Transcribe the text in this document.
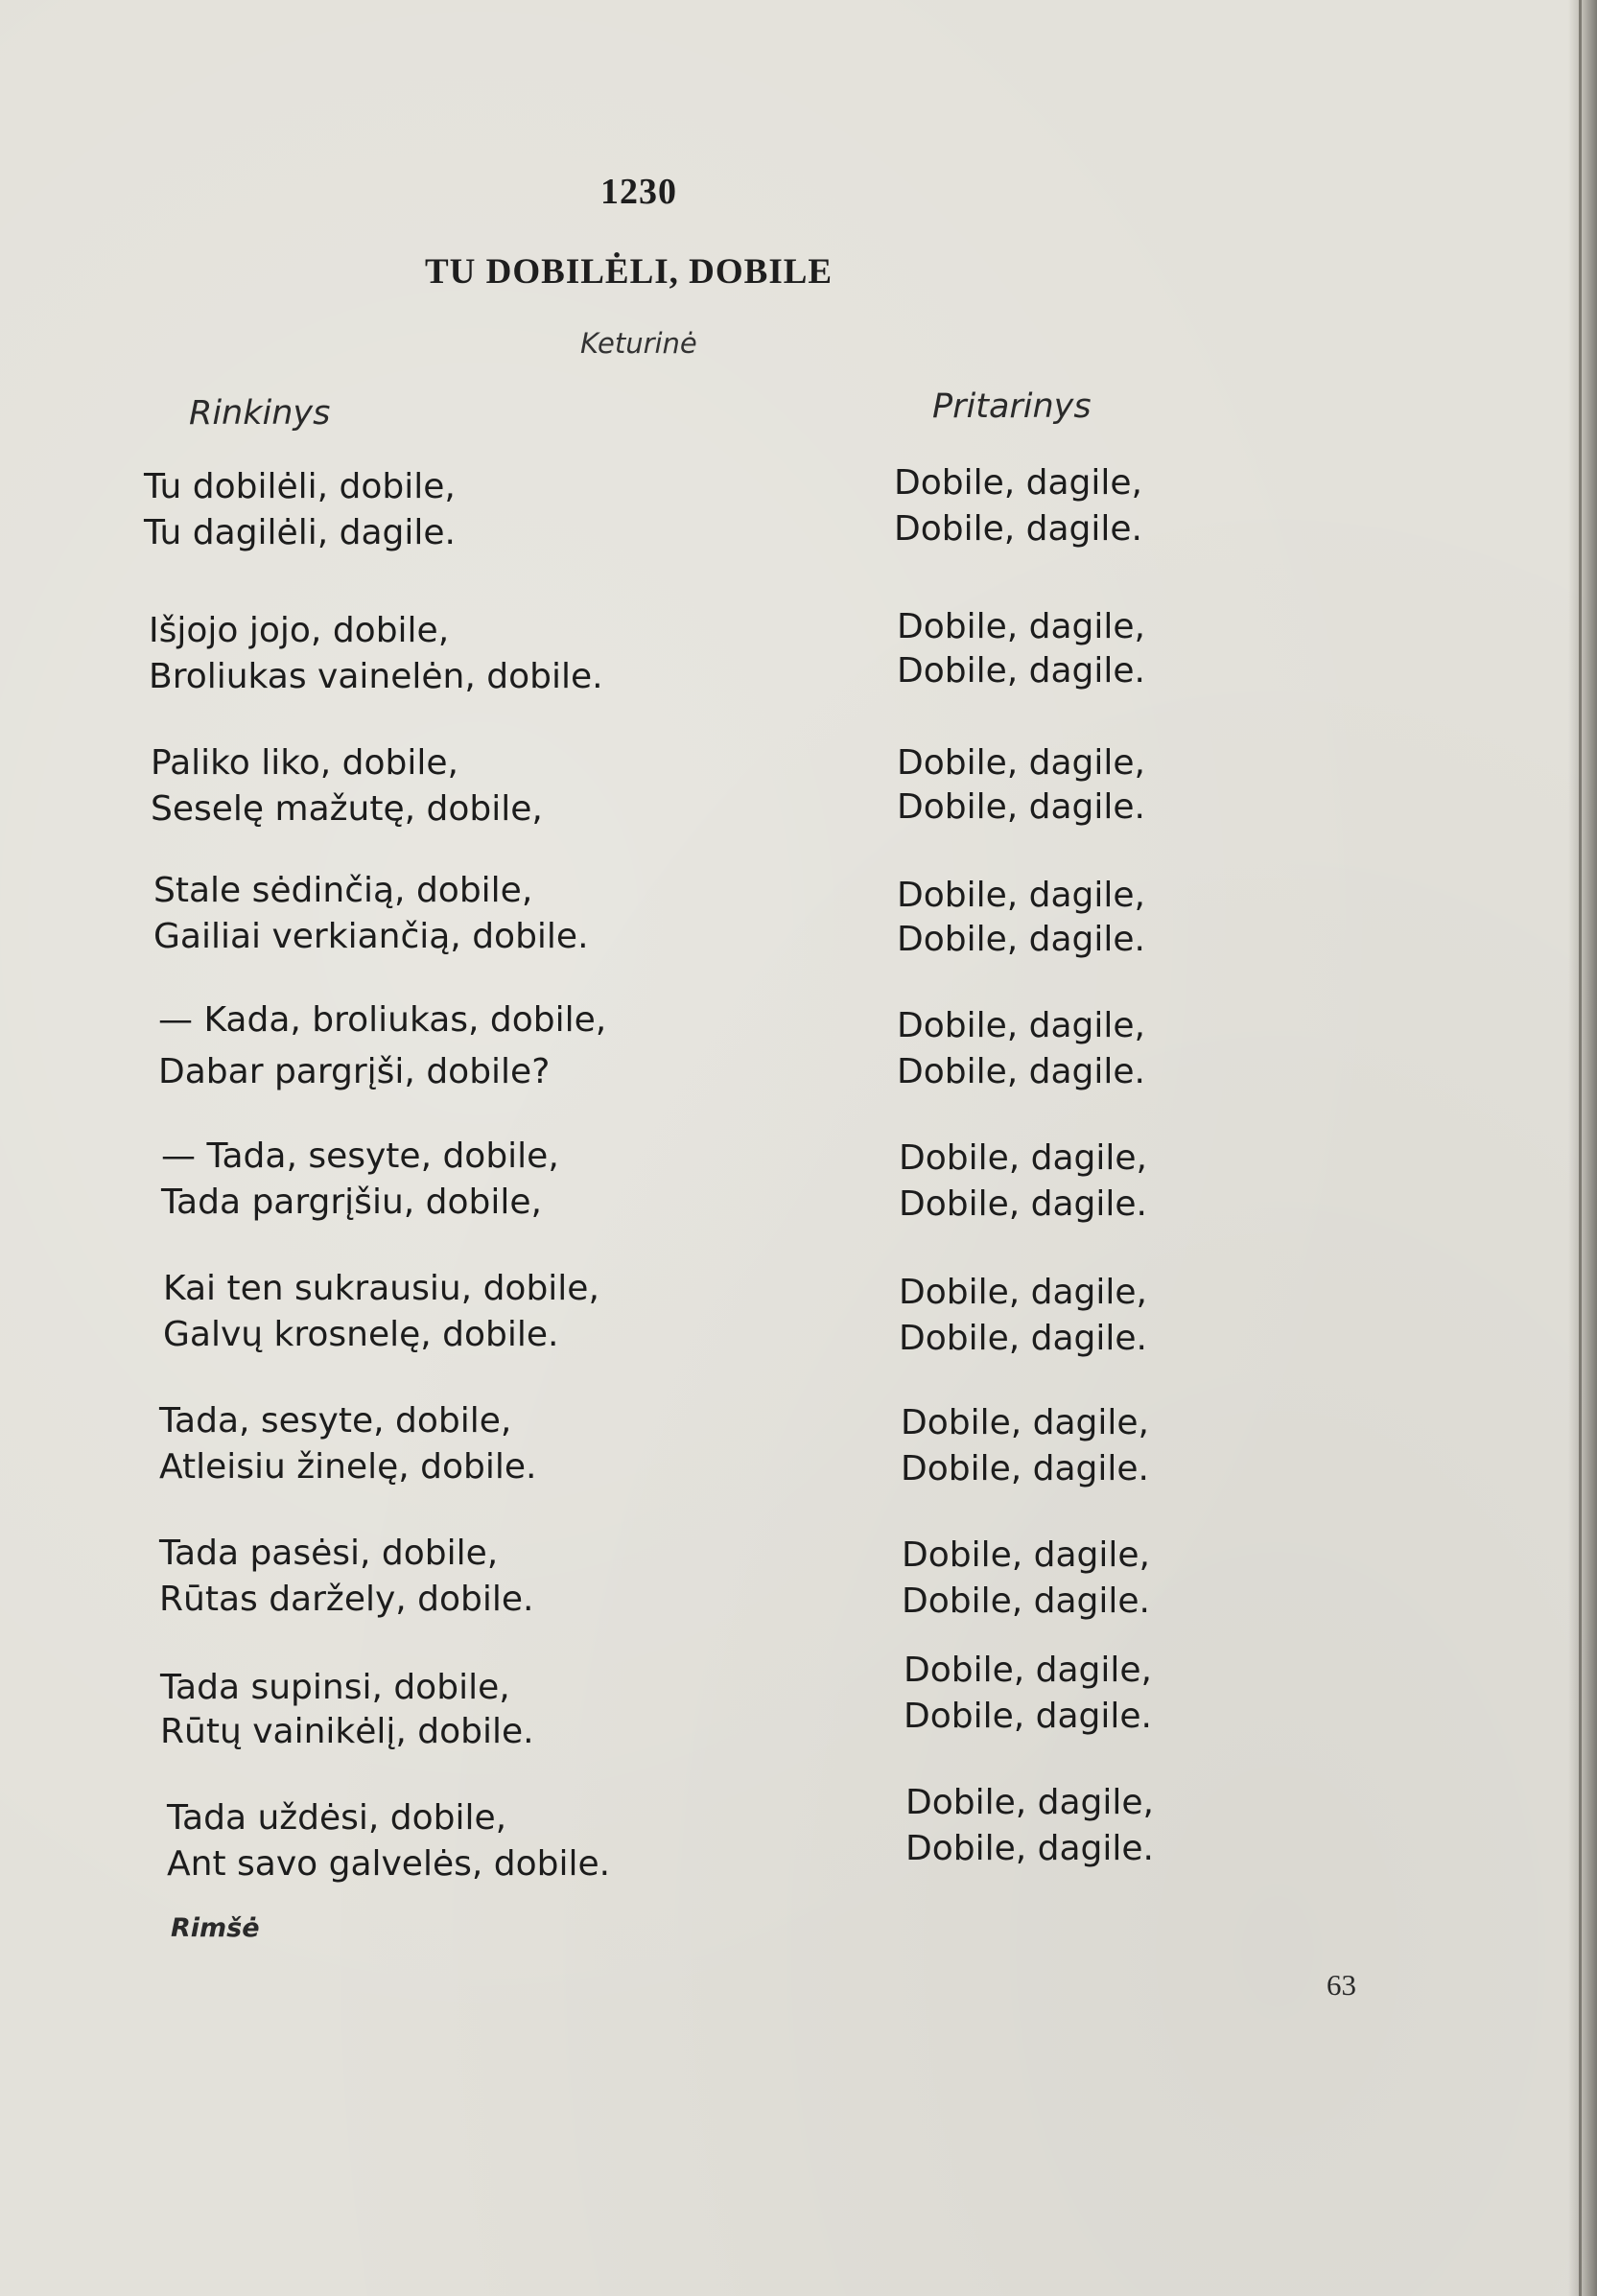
1230
TU DOBILĖLI, DOBILE
Keturinė
Rinkinys	Pritarinys
Tu dobilėli, dobile,
Tu dagilėli, dagile.
Dobile, dagile,
Dobile, dagile.
Išjojo jojo, dobile,
Broliukas vainelėn, dobile.
Dobile, dagile,
Dobile, dagile.
Paliko liko, dobile,
Seselę mažutę, dobile,
Dobile, dagile,
Dobile, dagile.
Stale sėdinčią, dobile,
Gailiai verkiančią, dobile.
Dobile, dagile,
Dobile, dagile.
— Kada, broliukas, dobile,
Dabar pargrįši, dobile?
Dobile, dagile,
Dobile, dagile.
— Tada, sesyte, dobile,
Tada pargrįšiu, dobile,
Dobile, dagile,
Dobile, dagile.
Kai ten sukrausiu, dobile,
Galvų krosnelę, dobile.
Dobile, dagile,
Dobile, dagile.
Tada, sesyte, dobile,
Atleisiu žinelę, dobile.
Dobile, dagile,
Dobile, dagile.
Tada pasėsi, dobile,
Rūtas darželу, dobile.
Dobile, dagile,
Dobile, dagile.
Tada supinsi, dobile,
Rūtų vainikėlį, dobile.
Dobile, dagile,
Dobile, dagile.
Tada uždėsi, dobile,
Ant savo galvelės, dobile.
Dobile, dagile,
Dobile, dagile.
Rimšė
63
